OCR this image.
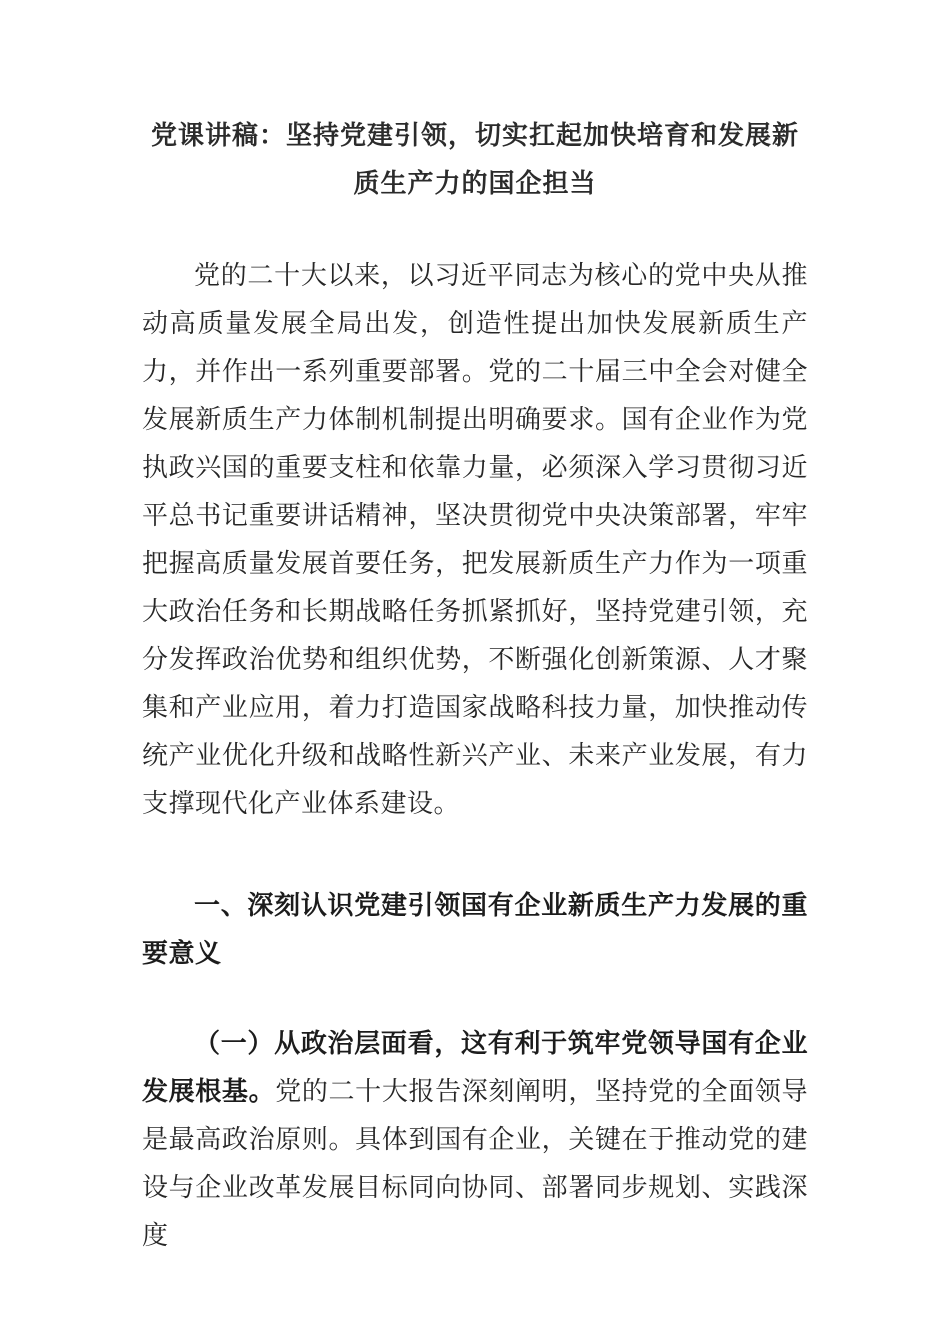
党课讲稿：坚持党建引领，切实扛起加快培育和发展新质生产力的国企担当

党的二十大以来，以习近平同志为核心的党中央从推动高质量发展全局出发，创造性提出加快发展新质生产力，并作出一系列重要部署。党的二十届三中全会对健全发展新质生产力体制机制提出明确要求。国有企业作为党执政兴国的重要支柱和依靠力量，必须深入学习贯彻习近平总书记重要讲话精神，坚决贯彻党中央决策部署，牢牢把握高质量发展首要任务，把发展新质生产力作为一项重大政治任务和长期战略任务抓紧抓好，坚持党建引领，充分发挥政治优势和组织优势，不断强化创新策源、人才聚集和产业应用，着力打造国家战略科技力量，加快推动传统产业优化升级和战略性新兴产业、未来产业发展，有力支撑现代化产业体系建设。

一、深刻认识党建引领国有企业新质生产力发展的重要意义

（一）从政治层面看，这有利于筑牢党领导国有企业发展根基。党的二十大报告深刻阐明，坚持党的全面领导是最高政治原则。具体到国有企业，关键在于推动党的建设与企业改革发展目标同向协同、部署同步规划、实践深度
